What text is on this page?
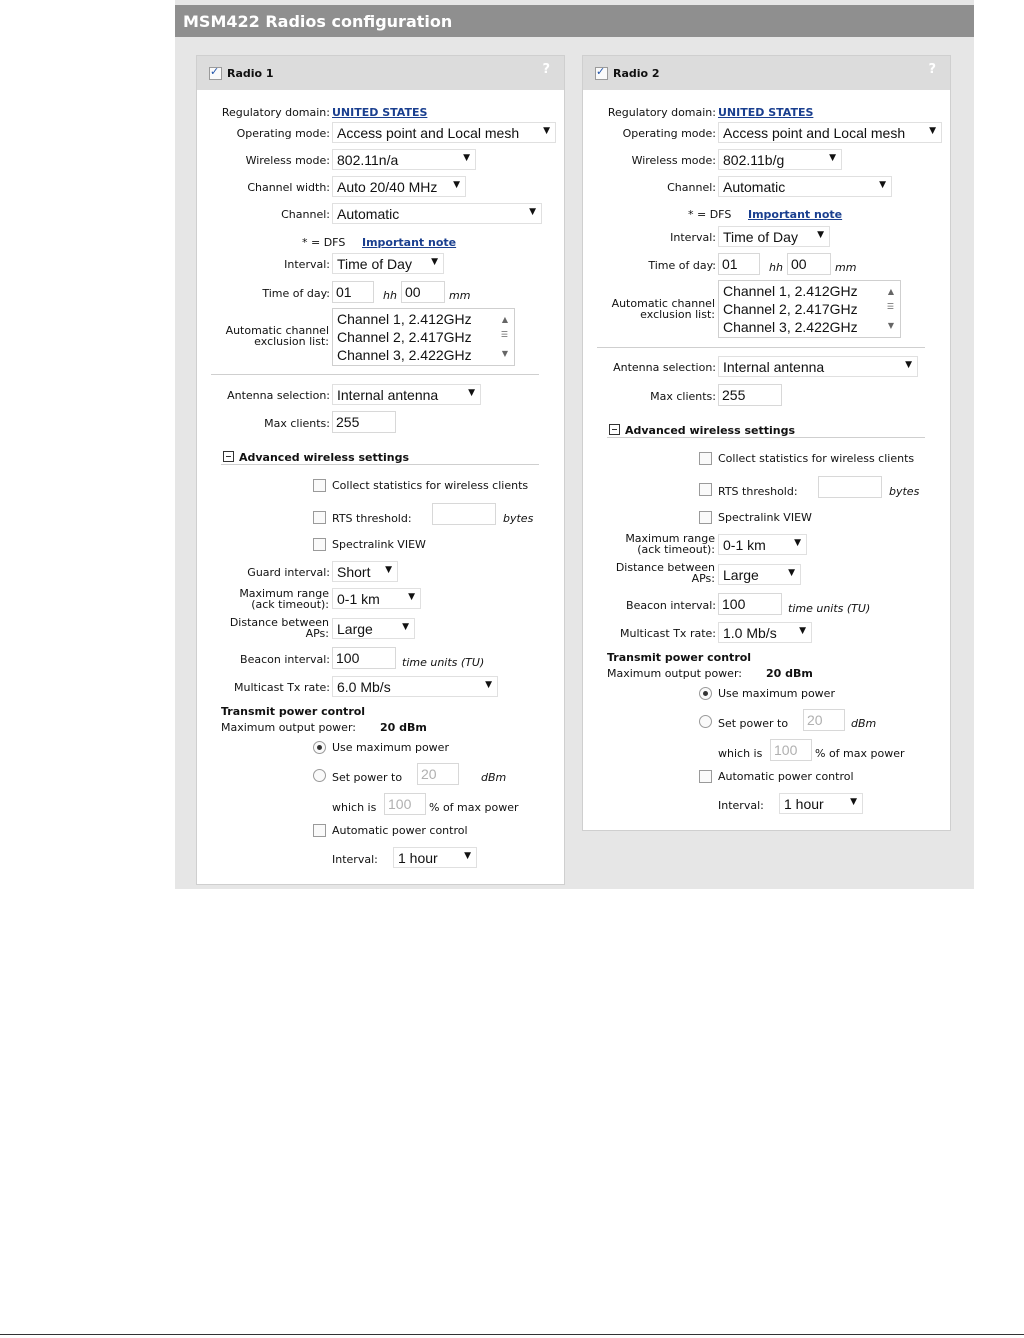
MSM422 Radios configuration
✓
Radio 1	?
Regulatory domain: UNITED STATES
Operating mode: Access point and Local mesh	▼
Wireless mode: 802.11n/a	▼
Channel width: Auto 20/40 MHz ▼
Channel: Automatic	▼
* = DFS Important note
Interval: Time of Day ▼
Time of day: 01	hh 00	mm
Automatic channel exclusion list:
Channel 1, 2.412GHz
Channel 2, 2.417GHz
Channel 3, 2.422GHz
▲
☰
▼
Antenna selection: Internal antenna	▼
Max clients: 255
Advanced wireless settings
Collect statistics for wireless clients
RTS threshold:	bytes
Spectralink VIEW
Guard interval: Short ▼
Maximum range (ack timeout): 0-1 km	▼
Distance between APs: Large	▼
Beacon interval: 100	time units (TU)
Multicast Tx rate: 6.0 Mb/s	▼
Transmit power control
Maximum output power: 20 dBm
Use maximum power
Set power to 20	dBm
which is 100 % of max power
Automatic power control
Interval: 1 hour	▼
✓
Radio 2	?
Regulatory domain: UNITED STATES
Operating mode: Access point and Local mesh	▼
Wireless mode: 802.11b/g	▼
Channel: Automatic	▼
* = DFS Important note
Interval: Time of Day ▼
Time of day: 01	hh 00	mm
Automatic channel exclusion list:
Channel 1, 2.412GHz
Channel 2, 2.417GHz
Channel 3, 2.422GHz
▲
☰
▼
Antenna selection: Internal antenna	▼
Max clients: 255
Advanced wireless settings
Collect statistics for wireless clients
RTS threshold:	bytes
Spectralink VIEW
Maximum range (ack timeout): 0-1 km	▼
Distance between APs: Large	▼
Beacon interval: 100	time units (TU)
Multicast Tx rate: 1.0 Mb/s ▼
Transmit power control
Maximum output power: 20 dBm
Use maximum power
Set power to 20	dBm
which is 100 % of max power
Automatic power control
Interval: 1 hour	▼
